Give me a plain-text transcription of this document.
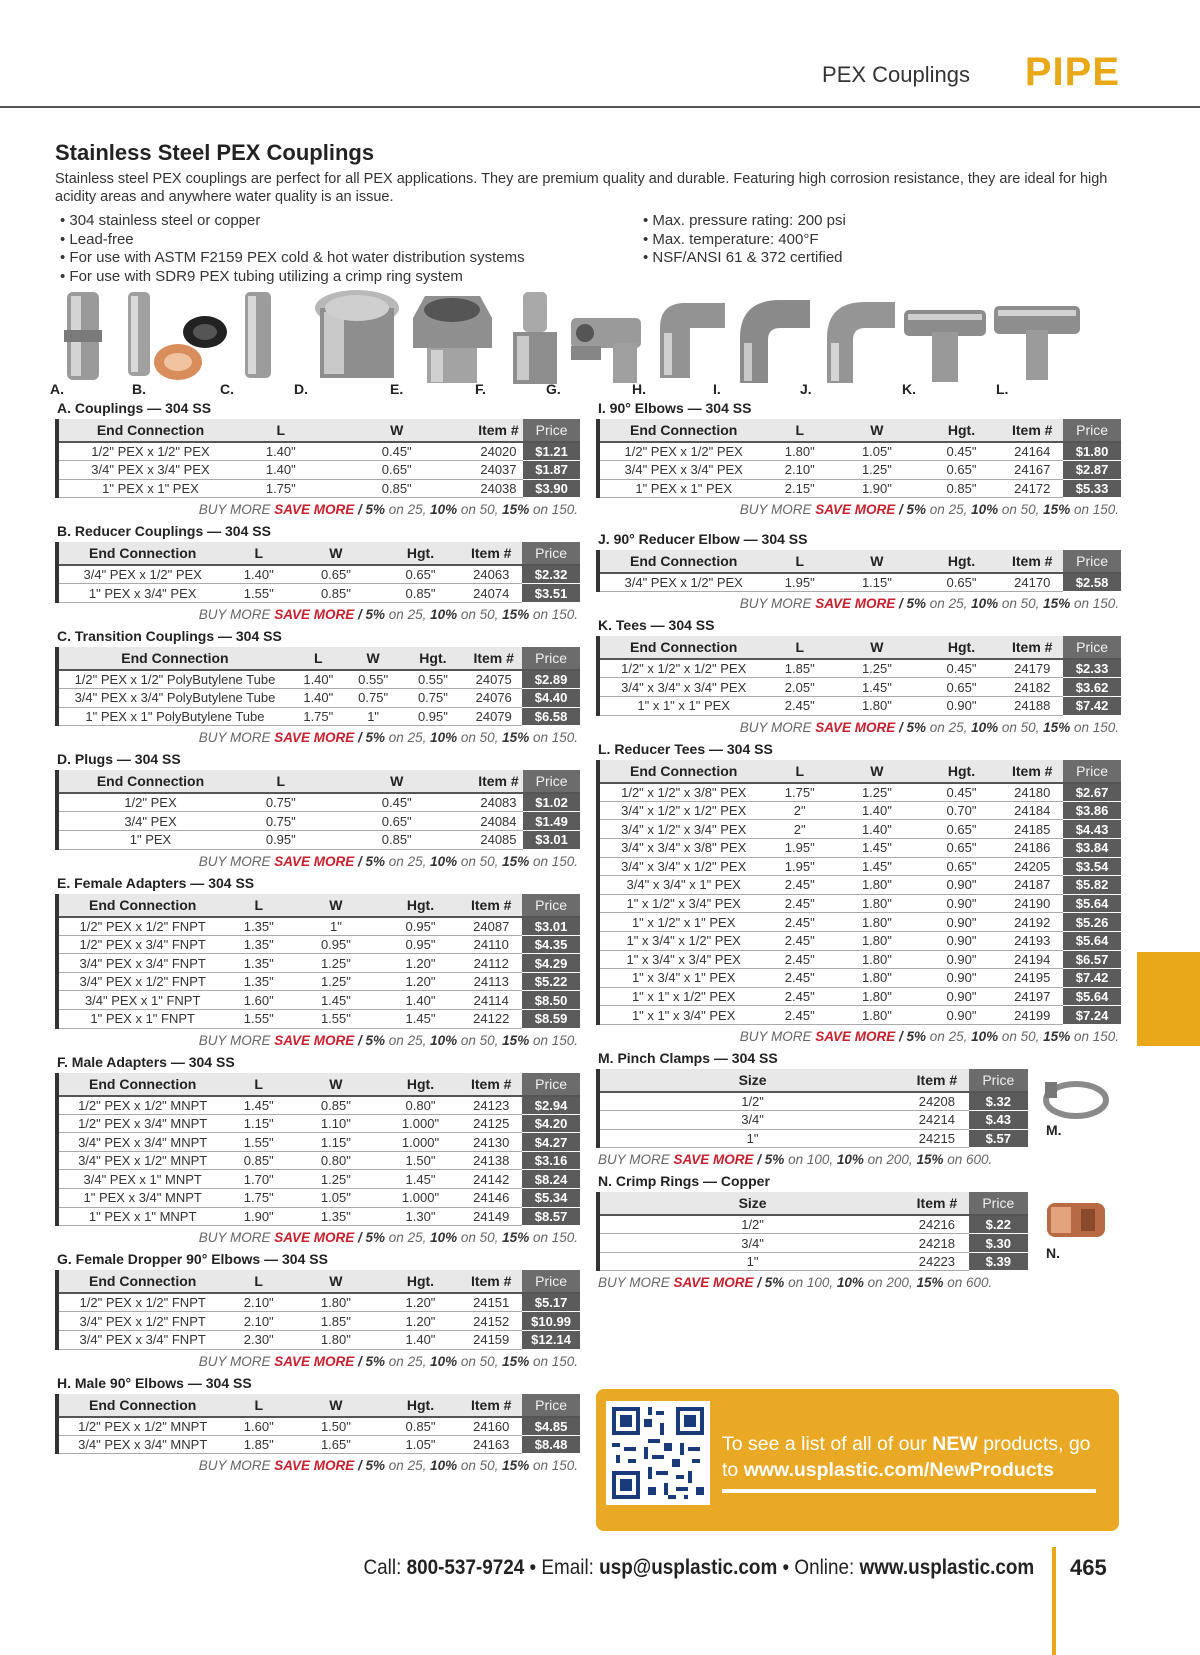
PEX Couplings PIPE
Stainless Steel PEX Couplings

Stainless steel PEX couplings are perfect for all PEX applications. They are premium quality and durable. Featuring high corrosion resistance, they are ideal for high acidity areas and anywhere water quality is an issue.

• 304 stainless steel or copper
• Lead-free
• For use with ASTM F2159 PEX cold & hot water distribution systems
• For use with SDR9 PEX tubing utilizing a crimp ring system
• Max. pressure rating: 200 psi
• Max. temperature: 400°F
• NSF/ANSI 61 & 372 certified
A.	B.	C.	D.	E.	F.	G.	H.	I.	J.	K.	L.
A. Couplings — 304 SS
End Connection	L	W	Item #	Price
1/2" PEX x 1/2" PEX	1.40"	0.45"	24020	$1.21
3/4" PEX x 3/4" PEX	1.40"	0.65"	24037	$1.87
1" PEX x 1" PEX	1.75"	0.85"	24038	$3.90
BUY MORE SAVE MORE / 5% on 25, 10% on 50, 15% on 150.
B. Reducer Couplings — 304 SS
End Connection	L	W	Hgt.	Item #	Price
3/4" PEX x 1/2" PEX	1.40"	0.65"	0.65"	24063	$2.32
1" PEX x 3/4" PEX	1.55"	0.85"	0.85"	24074	$3.51
BUY MORE SAVE MORE / 5% on 25, 10% on 50, 15% on 150.
C. Transition Couplings — 304 SS
End Connection	L	W	Hgt.	Item #	Price
1/2" PEX x 1/2" PolyButylene Tube	1.40"	0.55"	0.55"	24075	$2.89
3/4" PEX x 3/4" PolyButylene Tube	1.40"	0.75"	0.75"	24076	$4.40
1" PEX x 1" PolyButylene Tube	1.75"	1"	0.95"	24079	$6.58
BUY MORE SAVE MORE / 5% on 25, 10% on 50, 15% on 150.
D. Plugs — 304 SS
End Connection	L	W	Item #	Price
1/2" PEX	0.75"	0.45"	24083	$1.02
3/4" PEX	0.75"	0.65"	24084	$1.49
1" PEX	0.95"	0.85"	24085	$3.01
BUY MORE SAVE MORE / 5% on 25, 10% on 50, 15% on 150.
E. Female Adapters — 304 SS
End Connection	L	W	Hgt.	Item #	Price
1/2" PEX x 1/2" FNPT	1.35"	1"	0.95"	24087	$3.01
1/2" PEX x 3/4" FNPT	1.35"	0.95"	0.95"	24110	$4.35
3/4" PEX x 3/4" FNPT	1.35"	1.25"	1.20"	24112	$4.29
3/4" PEX x 1/2" FNPT	1.35"	1.25"	1.20"	24113	$5.22
3/4" PEX x 1" FNPT	1.60"	1.45"	1.40"	24114	$8.50
1" PEX x 1" FNPT	1.55"	1.55"	1.45"	24122	$8.59
BUY MORE SAVE MORE / 5% on 25, 10% on 50, 15% on 150.
F. Male Adapters — 304 SS
End Connection	L	W	Hgt.	Item #	Price
1/2" PEX x 1/2" MNPT	1.45"	0.85"	0.80"	24123	$2.94
1/2" PEX x 3/4" MNPT	1.15"	1.10"	1.000"	24125	$4.20
3/4" PEX x 3/4" MNPT	1.55"	1.15"	1.000"	24130	$4.27
3/4" PEX x 1/2" MNPT	0.85"	0.80"	1.50"	24138	$3.16
3/4" PEX x 1" MNPT	1.70"	1.25"	1.45"	24142	$8.24
1" PEX x 3/4" MNPT	1.75"	1.05"	1.000"	24146	$5.34
1" PEX x 1" MNPT	1.90"	1.35"	1.30"	24149	$8.57
BUY MORE SAVE MORE / 5% on 25, 10% on 50, 15% on 150.
G. Female Dropper 90° Elbows — 304 SS
End Connection	L	W	Hgt.	Item #	Price
1/2" PEX x 1/2" FNPT	2.10"	1.80"	1.20"	24151	$5.17
3/4" PEX x 1/2" FNPT	2.10"	1.85"	1.20"	24152	$10.99
3/4" PEX x 3/4" FNPT	2.30"	1.80"	1.40"	24159	$12.14
BUY MORE SAVE MORE / 5% on 25, 10% on 50, 15% on 150.
H. Male 90° Elbows — 304 SS
End Connection	L	W	Hgt.	Item #	Price
1/2" PEX x 1/2" MNPT	1.60"	1.50"	0.85"	24160	$4.85
3/4" PEX x 3/4" MNPT	1.85"	1.65"	1.05"	24163	$8.48
BUY MORE SAVE MORE / 5% on 25, 10% on 50, 15% on 150.
I. 90° Elbows — 304 SS
End Connection	L	W	Hgt.	Item #	Price
1/2" PEX x 1/2" PEX	1.80"	1.05"	0.45"	24164	$1.80
3/4" PEX x 3/4" PEX	2.10"	1.25"	0.65"	24167	$2.87
1" PEX x 1" PEX	2.15"	1.90"	0.85"	24172	$5.33
BUY MORE SAVE MORE / 5% on 25, 10% on 50, 15% on 150.
J. 90° Reducer Elbow — 304 SS
End Connection	L	W	Hgt.	Item #	Price
3/4" PEX x 1/2" PEX	1.95"	1.15"	0.65"	24170	$2.58
BUY MORE SAVE MORE / 5% on 25, 10% on 50, 15% on 150.
K. Tees — 304 SS
End Connection	L	W	Hgt.	Item #	Price
1/2" x 1/2" x 1/2" PEX	1.85"	1.25"	0.45"	24179	$2.33
3/4" x 3/4" x 3/4" PEX	2.05"	1.45"	0.65"	24182	$3.62
1" x 1" x 1" PEX	2.45"	1.80"	0.90"	24188	$7.42
BUY MORE SAVE MORE / 5% on 25, 10% on 50, 15% on 150.
L. Reducer Tees — 304 SS
End Connection	L	W	Hgt.	Item #	Price
1/2" x 1/2" x 3/8" PEX	1.75"	1.25"	0.45"	24180	$2.67
3/4" x 1/2" x 1/2" PEX	2"	1.40"	0.70"	24184	$3.86
3/4" x 1/2" x 3/4" PEX	2"	1.40"	0.65"	24185	$4.43
3/4" x 3/4" x 3/8" PEX	1.95"	1.45"	0.65"	24186	$3.84
3/4" x 3/4" x 1/2" PEX	1.95"	1.45"	0.65"	24205	$3.54
3/4" x 3/4" x 1" PEX	2.45"	1.80"	0.90"	24187	$5.82
1" x 1/2" x 3/4" PEX	2.45"	1.80"	0.90"	24190	$5.64
1" x 1/2" x 1" PEX	2.45"	1.80"	0.90"	24192	$5.26
1" x 3/4" x 1/2" PEX	2.45"	1.80"	0.90"	24193	$5.64
1" x 3/4" x 3/4" PEX	2.45"	1.80"	0.90"	24194	$6.57
1" x 3/4" x 1" PEX	2.45"	1.80"	0.90"	24195	$7.42
1" x 1" x 1/2" PEX	2.45"	1.80"	0.90"	24197	$5.64
1" x 1" x 3/4" PEX	2.45"	1.80"	0.90"	24199	$7.24
BUY MORE SAVE MORE / 5% on 25, 10% on 50, 15% on 150.
M. Pinch Clamps — 304 SS
Size	Item #	Price
1/2"	24208	$.32
3/4"	24214	$.43
1"	24215	$.57
M.
BUY MORE SAVE MORE / 5% on 100, 10% on 200, 15% on 600.
N. Crimp Rings — Copper
Size	Item #	Price
1/2"	24216	$.22
3/4"	24218	$.30
1"	24223	$.39
N.
BUY MORE SAVE MORE / 5% on 100, 10% on 200, 15% on 600.
To see a list of all of our NEW products, go
to www.usplastic.com/NewProducts
Call: 800-537-9724 • Email: usp@usplastic.com • Online: www.usplastic.com 465
